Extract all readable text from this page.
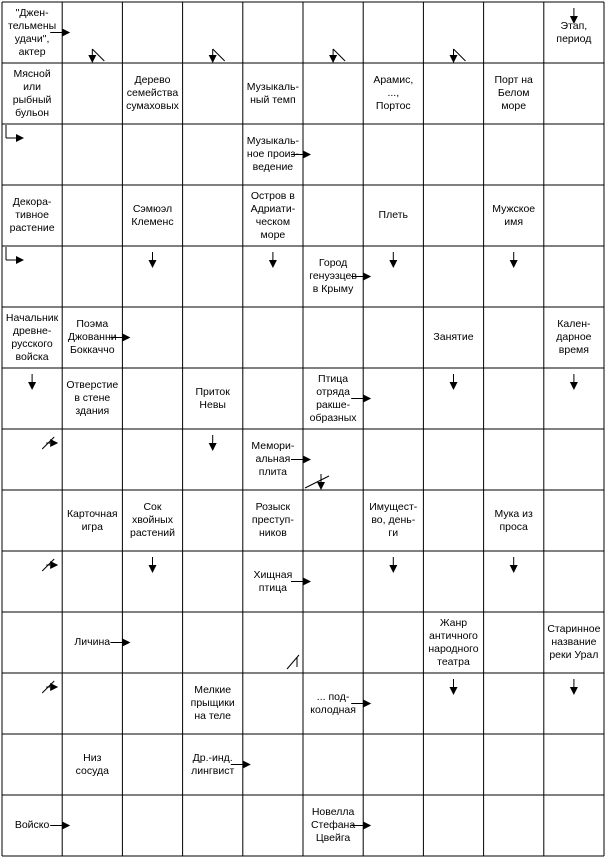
"Джен-
тельмены
удачи",
актер
Этап,
период
Мясной
или
рыбный
бульон
Дерево
семейства
сумаховых
Музыкаль-
ный темп
Арамис,
...,
Портос
Порт на
Белом
море
Музыкаль-
ное произ-
ведение
Декора-
тивное
растение
Сэмюэл
Клеменс
Остров в
Адриати-
ческом
море
Плеть
Мужское
имя
Город
генуэзцев
в Крыму
Начальник
древне-
русского
войска
Поэма
Джованни
Боккаччо
Занятие
Кален-
дарное
время
Отверстие
в стене
здания
Приток
Невы
Птица
отряда
ракше-
образных
Мемори-
альная
плита
Карточная
игра
Сок
хвойных
растений
Розыск
преступ-
ников
Имущест-
во, день-
ги
Мука из
проса
Хищная
птица
Личина
Жанр
античного
народного
театра
Старинное
название
реки Урал
Мелкие
прыщики
на теле
... под-
колодная
Низ
сосуда
Др.-инд.
лингвист
Войско
Новелла
Стефана
Цвейга
